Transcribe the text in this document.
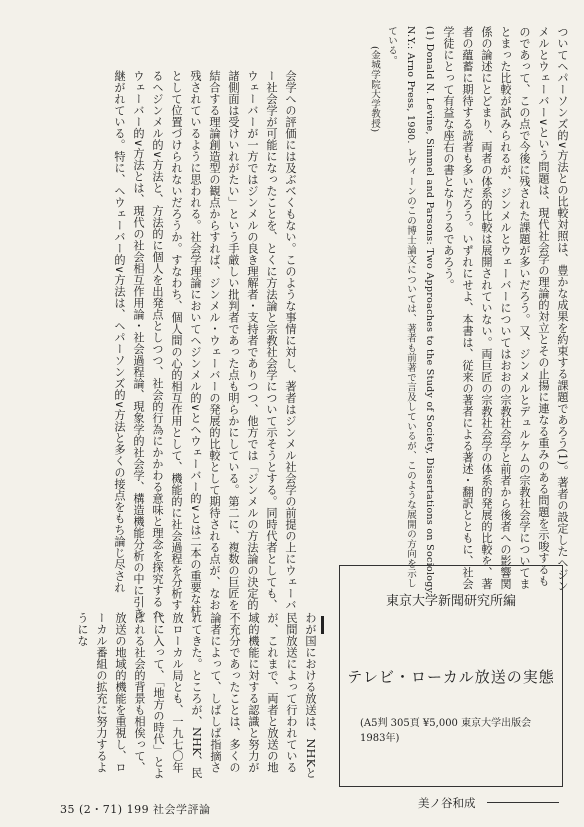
ついてヘパーソンズ的∨方法との比較対照は、豊かな成果を約束する課題であろう(1)。著者の設定したヘジンメルとウェーバー∨という問題は、現代社会学の理論的対立とその止揚に連なる重みのある問題を示唆するものであって、この点で今後に残された課題が多いだろう。又、ジンメルとデュルケムの宗教社会学についてまとまった比較が試みられるが、ジンメルとウェーバーについてはおおの宗教社会学と前者から後者への影響関係の論述にとどまり、両者の体系的比較は展開されていない。両巨匠の宗教社会学の体系的発展的比較を、著者の蘊蓄に期待する読者も多いだろう。いずれにせよ、本書は、従来の著者による著述・翻訳とともに、社会学徒にとって有益な座右の書となりうるであろう。
(1) Donald N. Levine, Simmel and Parsons: Two Approaches to the Study of Society, Dissertations on Sociology, N.Y.: Arno Press, 1980. レヴィーンのこの博士論文については、著者も前著で言及しているが、このような展開の方向を示している。
(金城学院大学教授)
会学への評価には及ぶべくもない。このような事情に対し、著者はジンメル社会学の前提の上にウェーバー社会学が可能になったことを、とくに方法論と宗教社会学について示そうとする。同時代者としても、ウェーバーが一方ではジンメルの良き理解者・支持者でありつつ、他方では「ジンメルの方法論の決定的諸側面は受けいれがたい」という手厳しい批判者であった点も明らかにしている。第二に、複数の巨匠を結合する理論創造型の観点からすれば、ジンメル・ウェーバーの発展的比較として期待される点が、なお残されているように思われる。社会学理論においてヘジンメル的∨とヘウェーバー的∨とは二本の重要な柱として位置づけられないだろうか。すなわち、個人間の心的相互作用として、機能的に社会過程を分析するヘジンメル的∨方法と、方法的に個人を出発点としつつ、社会的行為にかかわる意味と理念を探究するヘウェーバー的∨方法とは、現代の社会相互作用論・社会過程論、現象学的社会学、構造機能分析の中に引き継がれている。特に、ヘウェーバー的∨方法は、ヘパーソンズ的∨方法と多くの接点をもち論じ尽され
わが国における放送は、NHKと民間放送によって行われているが、これまで、両者と放送の地域的機能に対する認識と努力が不充分であったことは、多くの論者によって、しばしば指摘されてきた。ところが、NHK、民放ローカル局とも、一九七〇年代に入って、「地方の時代」とよばれる社会的背景も相俟って、放送の地域的機能を重視し、ローカル番組の拡充に努力するようにな
東京大学新聞研究所編
テレビ・ローカル放送の実態
(A5判 305頁 ¥5,000 東京大学出版会 1983年)
美ノ谷和成
35 (2・71) 199 社会学評論
